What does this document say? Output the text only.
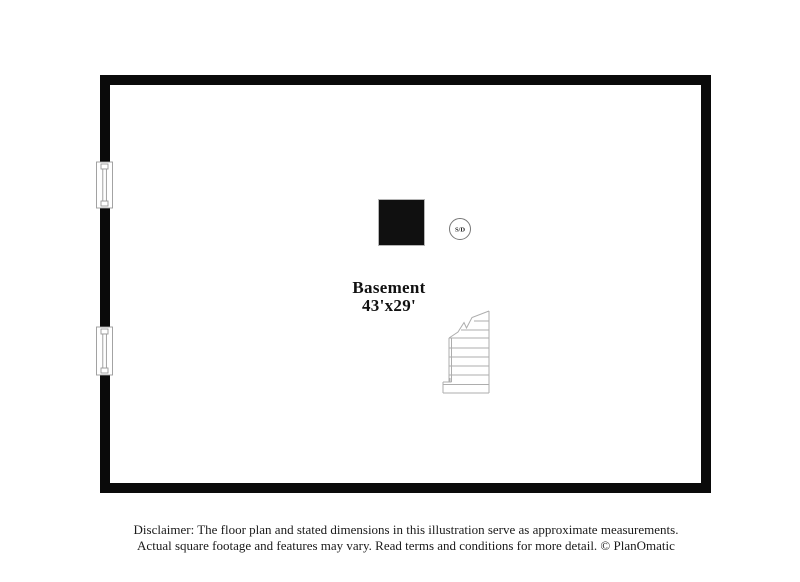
S/D
Basement
43'x29'
Disclaimer: The floor plan and stated dimensions in this illustration serve as approximate measurements.
Actual square footage and features may vary. Read terms and conditions for more detail. © PlanOmatic
